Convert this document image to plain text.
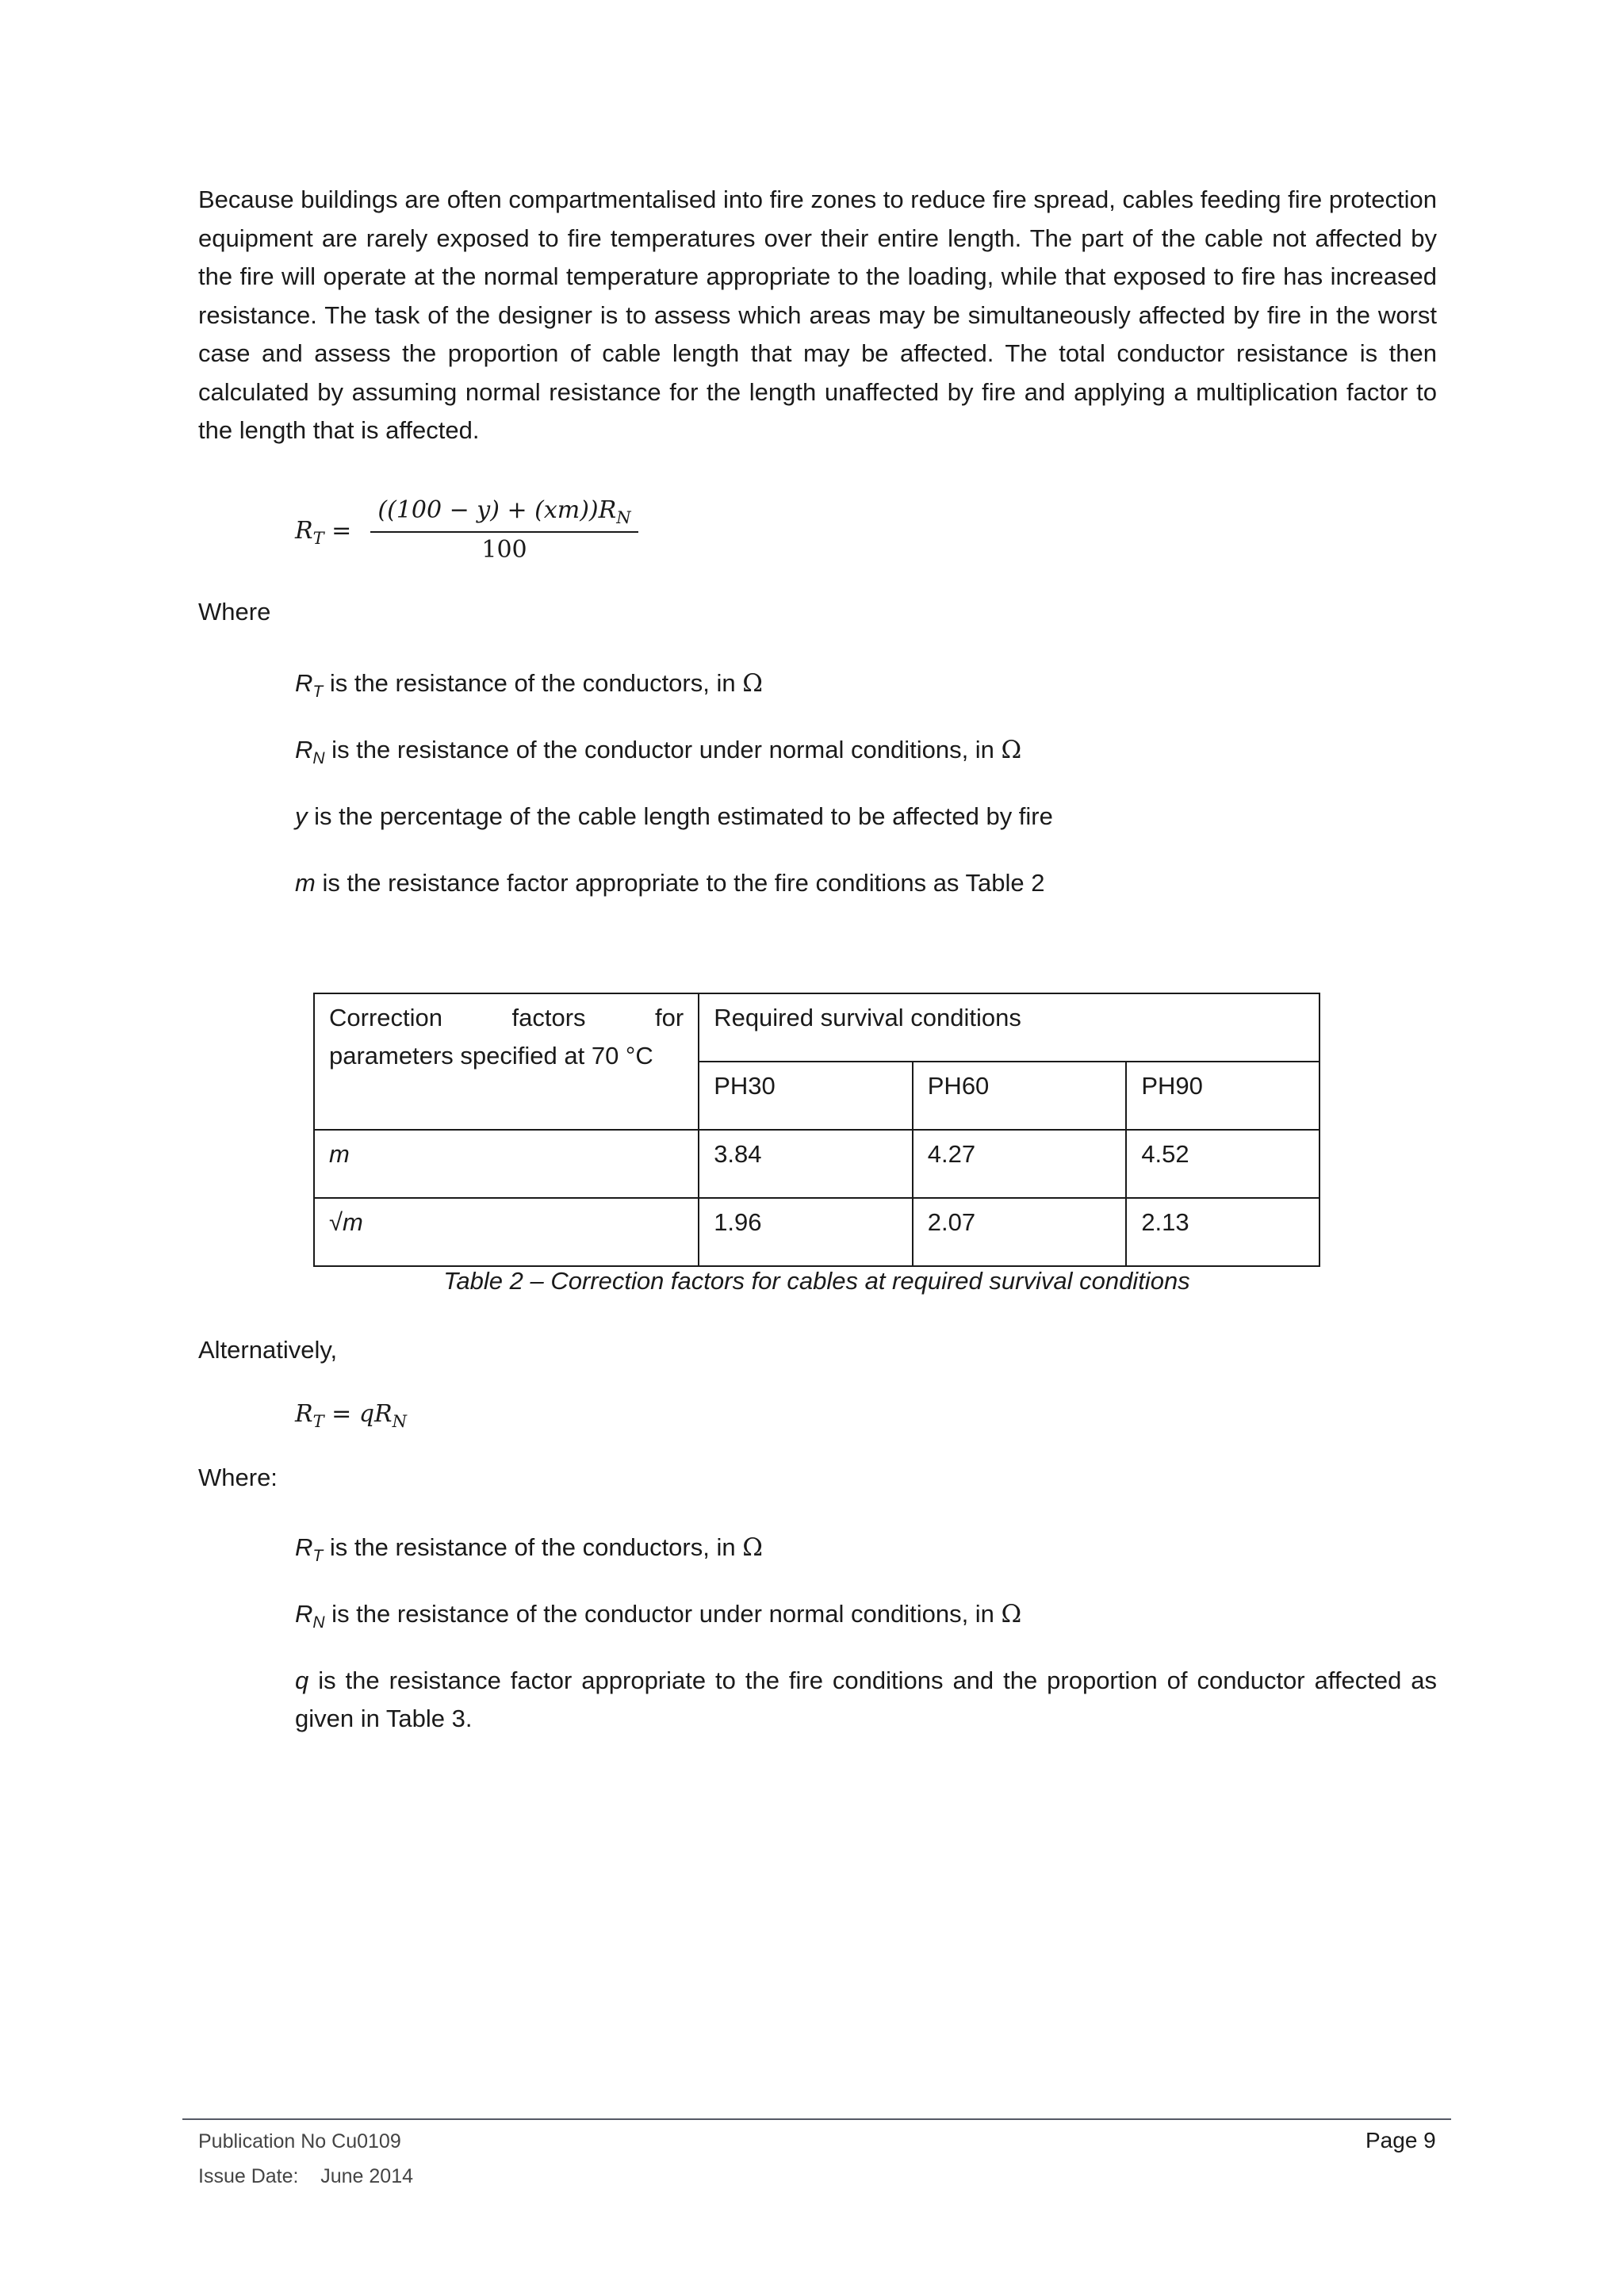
Because buildings are often compartmentalised into fire zones to reduce fire spread, cables feeding fire protection equipment are rarely exposed to fire temperatures over their entire length. The part of the cable not affected by the fire will operate at the normal temperature appropriate to the loading, while that exposed to fire has increased resistance. The task of the designer is to assess which areas may be simultaneously affected by fire in the worst case and assess the proportion of cable length that may be affected. The total conductor resistance is then calculated by assuming normal resistance for the length unaffected by fire and applying a multiplication factor to the length that is affected.

$R_T$ =
$((100 - y) + (xm))R_N$
100
Where
$R_T$ is the resistance of the conductors, in Ω
$R_N$ is the resistance of the conductor under normal conditions, in Ω
y is the percentage of the cable length estimated to be affected by fire
m is the resistance factor appropriate to the fire conditions as Table 2
Correction factors for parameters specified at 70 °C	Required survival conditions		
	PH30	PH60	PH90
m	3.84	4.27	4.52
√m	1.96	2.07	2.13
Table 2 – Correction factors for cables at required survival conditions
Alternatively,
$R_T = qR_N$
Where:
$R_T$ is the resistance of the conductors, in Ω
$R_N$ is the resistance of the conductor under normal conditions, in Ω
q is the resistance factor appropriate to the fire conditions and the proportion of conductor affected as given in Table 3.
Publication No Cu0109
Issue Date: June 2014
Page 9
